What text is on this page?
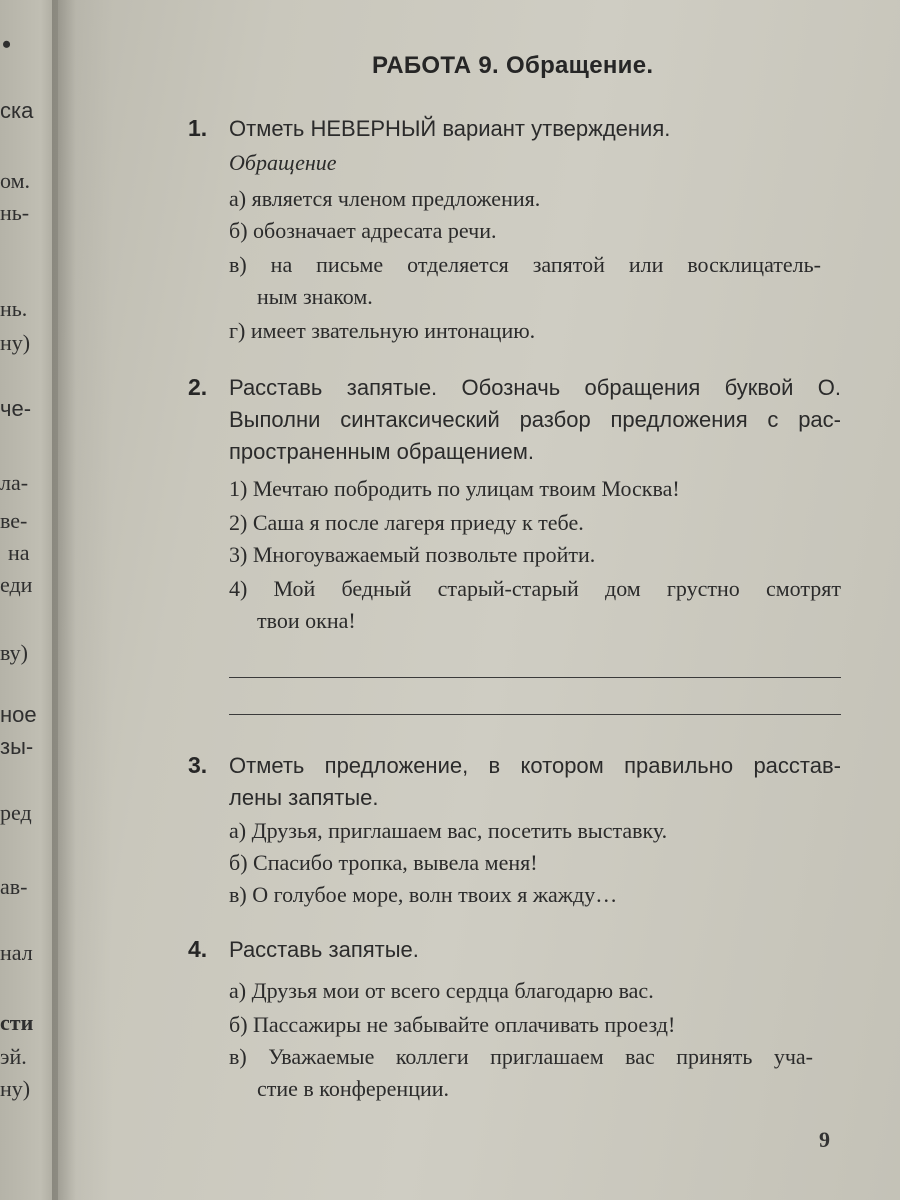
•
ска
ом.
нь-
нь.
ну)
че-
ла-
ве-
на
еди
ву)
ное
зы-
ред
ав-
нал
сти
эй.
ну)
РАБОТА 9. Обращение.
1. Отметь НЕВЕРНЫЙ вариант утверждения.
Обращение
а) является членом предложения.
б) обозначает адресата речи.
в) на письме отделяется запятой или восклицатель-
ным знаком.
г) имеет звательную интонацию.
2. Расставь запятые. Обозначь обращения буквой О.
Выполни синтаксический разбор предложения с рас-
пространенным обращением.
1) Мечтаю побродить по улицам твоим Москва!
2) Саша я после лагеря приеду к тебе.
3) Многоуважаемый позвольте пройти.
4) Мой бедный старый-старый дом грустно смотрят
твои окна!
3. Отметь предложение, в котором правильно расстав-
лены запятые.
а) Друзья, приглашаем вас, посетить выставку.
б) Спасибо тропка, вывела меня!
в) О голубое море, волн твоих я жажду…
4. Расставь запятые.
а) Друзья мои от всего сердца благодарю вас.
б) Пассажиры не забывайте оплачивать проезд!
в) Уважаемые коллеги приглашаем вас принять уча-
стие в конференции.
9
